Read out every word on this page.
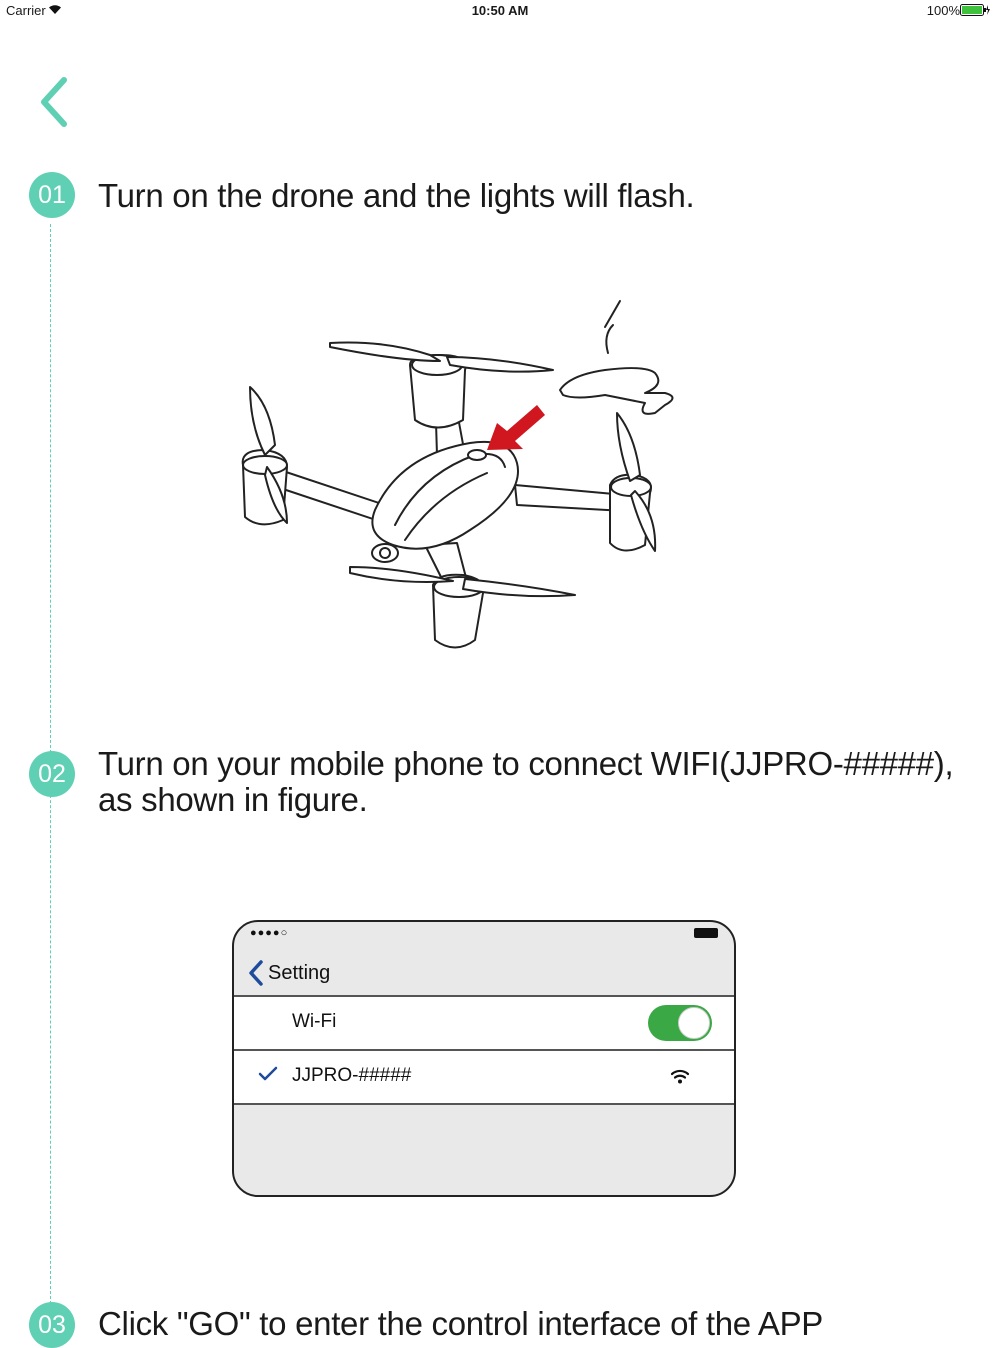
Carrier	10:50 AM	100%
01 Turn on the drone and the lights will flash.
02 Turn on your mobile phone to connect WIFI(JJPRO-#####), as shown in figure.
●●●●○
Setting
Wi-Fi
JJPRO-#####
03 Click "GO" to enter the control interface of the APP
